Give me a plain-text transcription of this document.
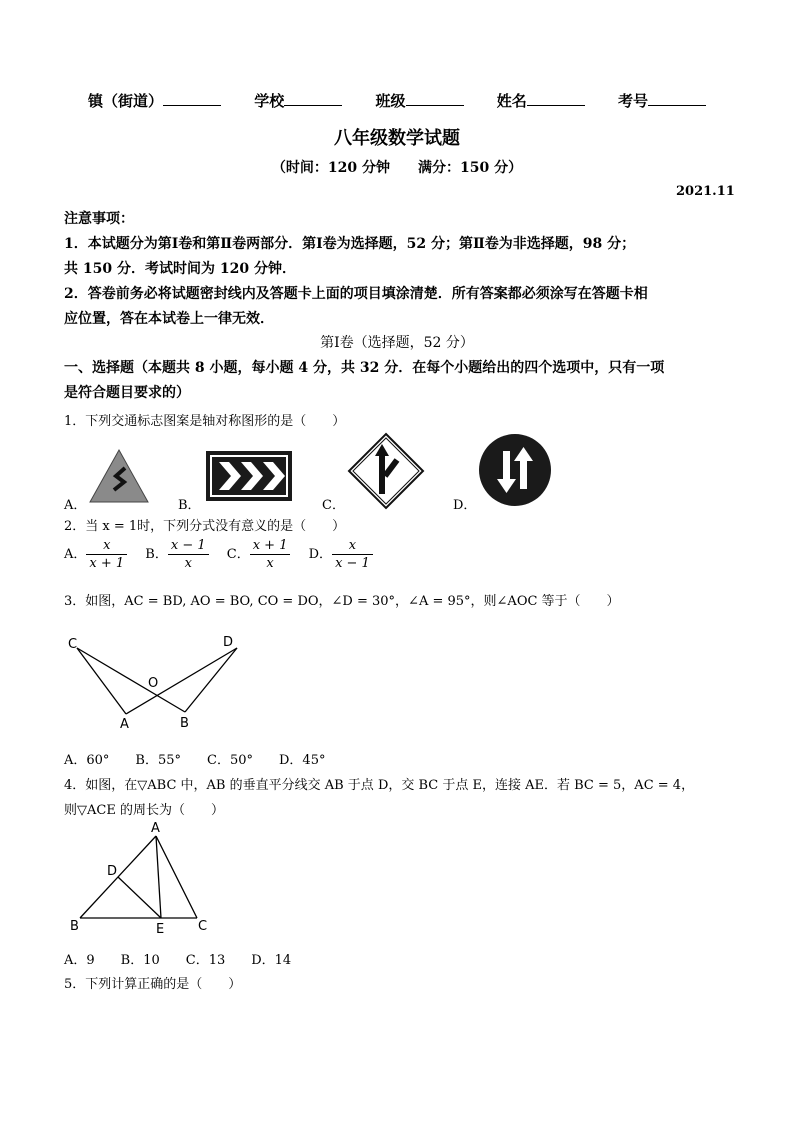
镇（街道）	学校	班级	姓名	考号
八年级数学试题
（时间：120 分钟　　满分：150 分）
2021.11
注意事项：
1．本试题分为第Ⅰ卷和第Ⅱ卷两部分．第Ⅰ卷为选择题，52 分；第Ⅱ卷为非选择题，98 分；
共 150 分．考试时间为 120 分钟．
2．答卷前务必将试题密封线内及答题卡上面的项目填涂清楚．所有答案都必须涂写在答题卡相
应位置，答在本试卷上一律无效．
第Ⅰ卷（选择题，52 分）
一、选择题（本题共 8 小题，每小题 4 分，共 32 分．在每个小题给出的四个选项中，只有一项
是符合题目要求的）
1．下列交通标志图案是轴对称图形的是（　　）
A．	B．	C．	D．
2．当 x = 1时，下列分式没有意义的是（　　）
A． $\frac{x}{x + 1}$ B． $\frac{x - 1}{x}$ C． $\frac{x + 1}{x}$ D． $\frac{x}{x - 1}$
3．如图，AC = BD, AO = BO, CO = DO，∠D = 30°，∠A = 95°，则∠AOC 等于（　　）
C	D
O
A	B
A．60°　　B．55°　　C．50°　　D．45°
4．如图，在▽ABC 中，AB 的垂直平分线交 AB 于点 D，交 BC 于点 E，连接 AE．若 BC = 5，AC = 4，
则▽ACE 的周长为（　　）
A
D
B	E	C
A．9　　B．10　　C．13　　D．14
5．下列计算正确的是（　　）
